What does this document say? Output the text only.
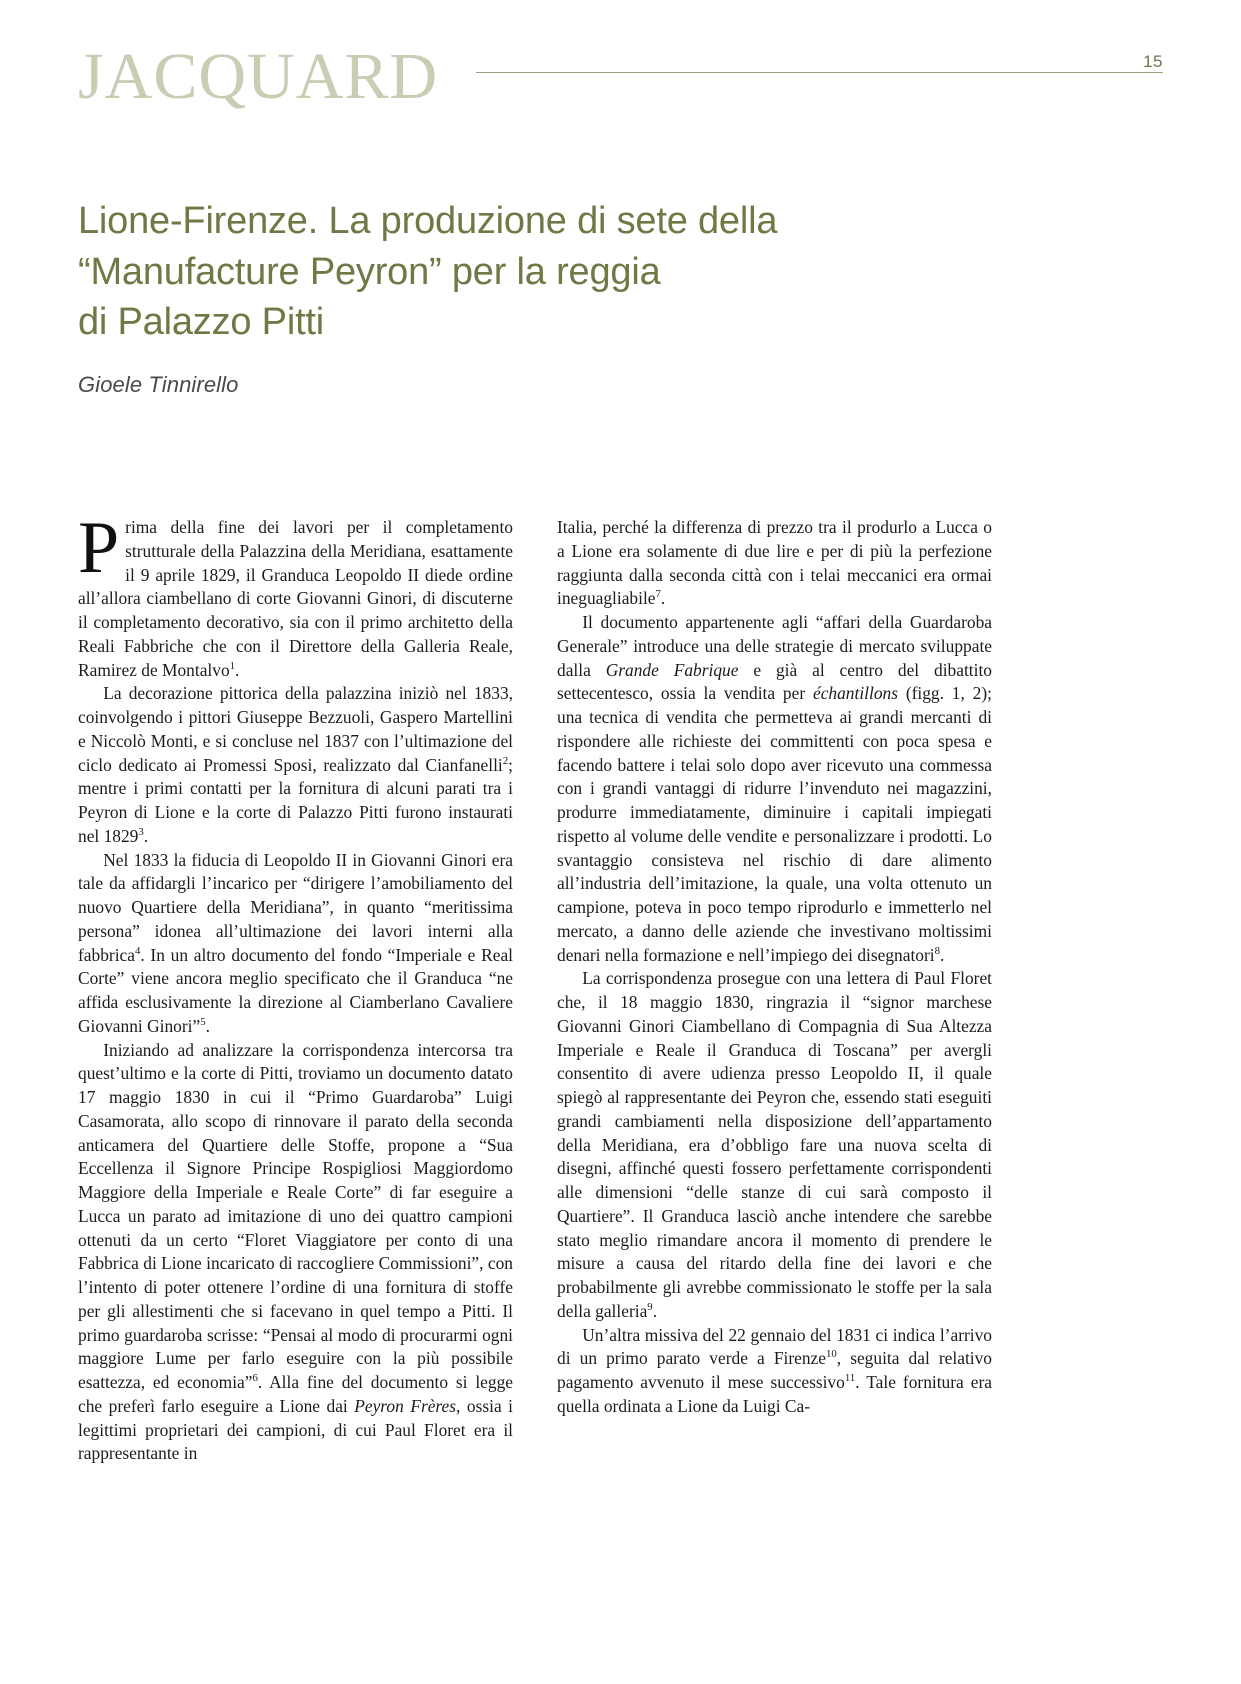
JACQUARD	15
Lione-Firenze. La produzione di sete della
“Manufacture Peyron” per la reggia
di Palazzo Pitti
Gioele Tinnirello

Prima della fine dei lavori per il completamento strutturale della Palazzina della Meridiana, esattamente il 9 aprile 1829, il Granduca Leopoldo II diede ordine all’allora ciambellano di corte Giovanni Ginori, di discuterne il completamento decorativo, sia con il primo architetto della Reali Fabbriche che con il Direttore della Galleria Reale, Ramirez de Montalvo$^1$.

La decorazione pittorica della palazzina iniziò nel 1833, coinvolgendo i pittori Giuseppe Bezzuoli, Gaspero Martellini e Niccolò Monti, e si concluse nel 1837 con l’ultimazione del ciclo dedicato ai Promessi Sposi, realizzato dal Cianfanelli$^2$; mentre i primi contatti per la fornitura di alcuni parati tra i Peyron di Lione e la corte di Palazzo Pitti furono instaurati nel 1829$^3$.

Nel 1833 la fiducia di Leopoldo II in Giovanni Ginori era tale da affidargli l’incarico per “dirigere l’amobiliamento del nuovo Quartiere della Meridiana”, in quanto “meritissima persona” idonea all’ultimazione dei lavori interni alla fabbrica$^4$. In un altro documento del fondo “Imperiale e Real Corte” viene ancora meglio specificato che il Granduca “ne affida esclusivamente la direzione al Ciamberlano Cavaliere Giovanni Ginori”$^5$.

Iniziando ad analizzare la corrispondenza intercorsa tra quest’ultimo e la corte di Pitti, troviamo un documento datato 17 maggio 1830 in cui il “Primo Guardaroba” Luigi Casamorata, allo scopo di rinnovare il parato della seconda anticamera del Quartiere delle Stoffe, propone a “Sua Eccellenza il Signore Principe Rospigliosi Maggiordomo Maggiore della Imperiale e Reale Corte” di far eseguire a Lucca un parato ad imitazione di uno dei quattro campioni ottenuti da un certo “Floret Viaggiatore per conto di una Fabbrica di Lione incaricato di raccogliere Commissioni”, con l’intento di poter ottenere l’ordine di una fornitura di stoffe per gli allestimenti che si facevano in quel tempo a Pitti. Il primo guardaroba scrisse: “Pensai al modo di procurarmi ogni maggiore Lume per farlo eseguire con la più possibile esattezza, ed economia”$^6$. Alla fine del documento si legge che preferì farlo eseguire a Lione dai Peyron Frères, ossia i legittimi proprietari dei campioni, di cui Paul Floret era il rappresentante in

Italia, perché la differenza di prezzo tra il produrlo a Lucca o a Lione era solamente di due lire e per di più la perfezione raggiunta dalla seconda città con i telai meccanici era ormai ineguagliabile$^7$.

Il documento appartenente agli “affari della Guardaroba Generale” introduce una delle strategie di mercato sviluppate dalla Grande Fabrique e già al centro del dibattito settecentesco, ossia la vendita per échantillons (figg. 1, 2); una tecnica di vendita che permetteva ai grandi mercanti di rispondere alle richieste dei committenti con poca spesa e facendo battere i telai solo dopo aver ricevuto una commessa con i grandi vantaggi di ridurre l’invenduto nei magazzini, produrre immediatamente, diminuire i capitali impiegati rispetto al volume delle vendite e personalizzare i prodotti. Lo svantaggio consisteva nel rischio di dare alimento all’industria dell’imitazione, la quale, una volta ottenuto un campione, poteva in poco tempo riprodurlo e immetterlo nel mercato, a danno delle aziende che investivano moltissimi denari nella formazione e nell’impiego dei disegnatori$^8$.

La corrispondenza prosegue con una lettera di Paul Floret che, il 18 maggio 1830, ringrazia il “signor marchese Giovanni Ginori Ciambellano di Compagnia di Sua Altezza Imperiale e Reale il Granduca di Toscana” per avergli consentito di avere udienza presso Leopoldo II, il quale spiegò al rappresentante dei Peyron che, essendo stati eseguiti grandi cambiamenti nella disposizione dell’appartamento della Meridiana, era d’obbligo fare una nuova scelta di disegni, affinché questi fossero perfettamente corrispondenti alle dimensioni “delle stanze di cui sarà composto il Quartiere”. Il Granduca lasciò anche intendere che sarebbe stato meglio rimandare ancora il momento di prendere le misure a causa del ritardo della fine dei lavori e che probabilmente gli avrebbe commissionato le stoffe per la sala della galleria$^9$.

Un’altra missiva del 22 gennaio del 1831 ci indica l’arrivo di un primo parato verde a Firenze$^{10}$, seguita dal relativo pagamento avvenuto il mese successivo$^{11}$. Tale fornitura era quella ordinata a Lione da Luigi Ca-
